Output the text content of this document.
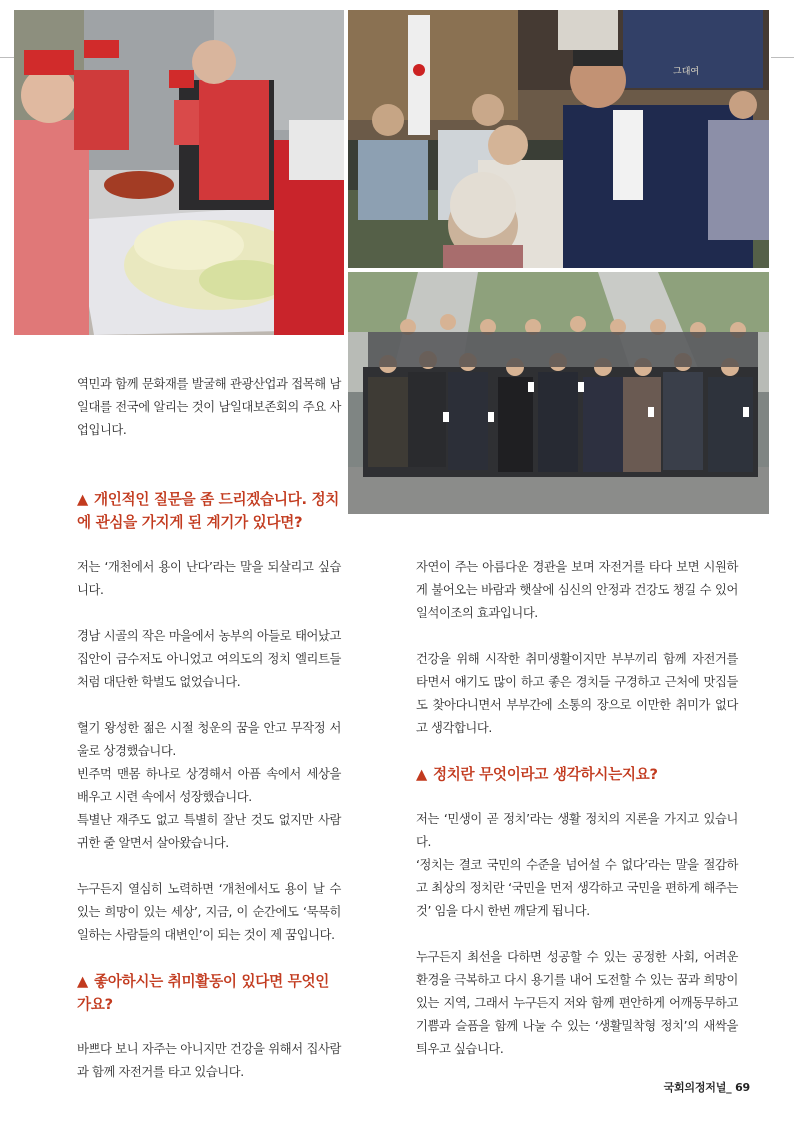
그대여

역민과 함께 문화재를 발굴해 관광산업과 접목해 남일대를 전국에 알리는 것이 남일대보존회의 주요 사업입니다.

▲ 개인적인 질문을 좀 드리겠습니다. 정치에 관심을 가지게 된 계기가 있다면?

저는 ‘개천에서 용이 난다’라는 말을 되살리고 싶습니다.

경남 시골의 작은 마을에서 농부의 아들로 태어났고 집안이 금수저도 아니었고 여의도의 정치 엘리트들처럼 대단한 학벌도 없었습니다.

혈기 왕성한 젊은 시절 청운의 꿈을 안고 무작정 서울로 상경했습니다.

빈주먹 맨몸 하나로 상경해서 아픔 속에서 세상을 배우고 시련 속에서 성장했습니다.

특별난 재주도 없고 특별히 잘난 것도 없지만 사람 귀한 줄 알면서 살아왔습니다.

누구든지 열심히 노력하면 ‘개천에서도 용이 날 수 있는 희망이 있는 세상’, 지금, 이 순간에도 ‘묵묵히 일하는 사람들의 대변인’이 되는 것이 제 꿈입니다.

▲ 좋아하시는 취미활동이 있다면 무엇인가요?

바쁘다 보니 자주는 아니지만 건강을 위해서 집사람과 함께 자전거를 타고 있습니다.

자연이 주는 아름다운 경관을 보며 자전거를 타다 보면 시원하게 불어오는 바람과 햇살에 심신의 안정과 건강도 챙길 수 있어 일석이조의 효과입니다.

건강을 위해 시작한 취미생활이지만 부부끼리 함께 자전거를 타면서 얘기도 많이 하고 좋은 경치들 구경하고 근처에 맛집들도 찾아다니면서 부부간에 소통의 장으로 이만한 취미가 없다고 생각합니다.

▲ 정치란 무엇이라고 생각하시는지요?

저는 ‘민생이 곧 정치’라는 생활 정치의 지론을 가지고 있습니다.

‘정치는 결코 국민의 수준을 넘어설 수 없다’라는 말을 절감하고 최상의 정치란 ‘국민을 먼저 생각하고 국민을 편하게 해주는 것’ 임을 다시 한번 깨닫게 됩니다.

누구든지 최선을 다하면 성공할 수 있는 공정한 사회, 어려운 환경을 극복하고 다시 용기를 내어 도전할 수 있는 꿈과 희망이 있는 지역, 그래서 누구든지 저와 함께 편안하게 어깨동무하고 기쁨과 슬픔을 함께 나눌 수 있는 ‘생활밀착형 정치’의 새싹을 틔우고 싶습니다.

국회의정저널_ 69
